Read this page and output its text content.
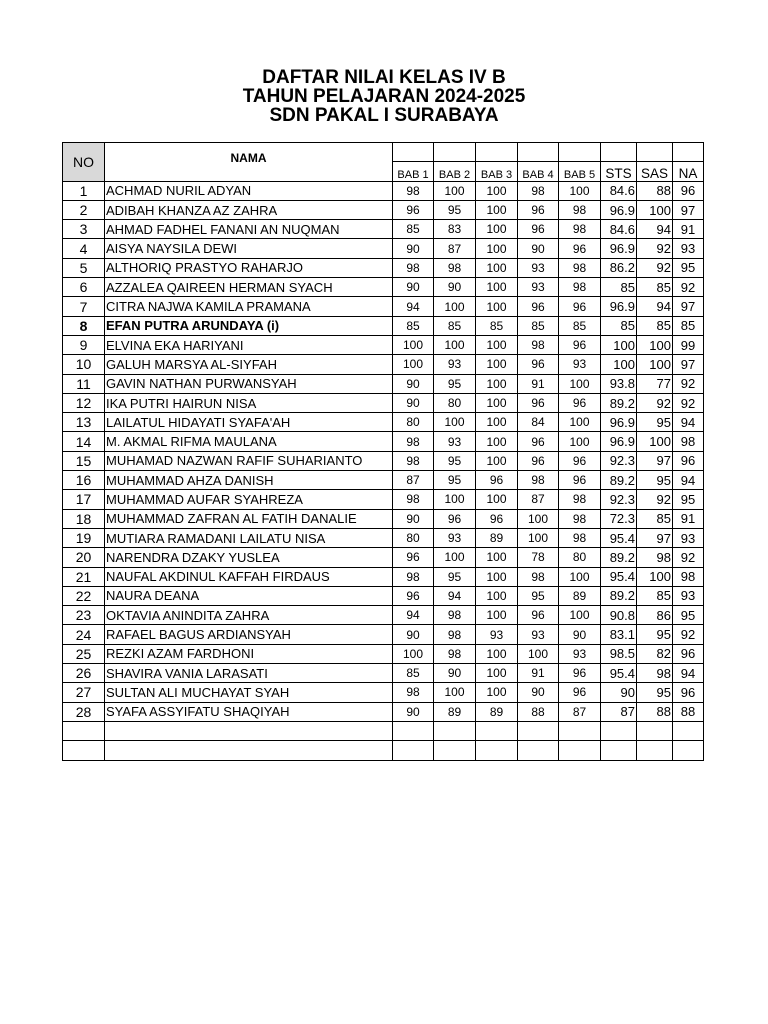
DAFTAR NILAI KELAS IV B
TAHUN PELAJARAN 2024-2025
SDN PAKAL I SURABAYA
NO	NAMA								
		BAB 1	BAB 2	BAB 3	BAB 4	BAB 5	STS	SAS	NA
1	ACHMAD NURIL ADYAN	98	100	100	98	100	84.6	88	96
2	ADIBAH KHANZA AZ ZAHRA	96	95	100	96	98	96.9	100	97
3	AHMAD FADHEL FANANI AN NUQMAN	85	83	100	96	98	84.6	94	91
4	AISYA NAYSILA DEWI	90	87	100	90	96	96.9	92	93
5	ALTHORIQ PRASTYO RAHARJO	98	98	100	93	98	86.2	92	95
6	AZZALEA QAIREEN HERMAN SYACH	90	90	100	93	98	85	85	92
7	CITRA NAJWA KAMILA PRAMANA	94	100	100	96	96	96.9	94	97
8	EFAN PUTRA ARUNDAYA (i)	85	85	85	85	85	85	85	85
9	ELVINA EKA HARIYANI	100	100	100	98	96	100	100	99
10	GALUH MARSYA AL-SIYFAH	100	93	100	96	93	100	100	97
11	GAVIN NATHAN PURWANSYAH	90	95	100	91	100	93.8	77	92
12	IKA PUTRI HAIRUN NISA	90	80	100	96	96	89.2	92	92
13	LAILATUL HIDAYATI SYAFA'AH	80	100	100	84	100	96.9	95	94
14	M. AKMAL RIFMA MAULANA	98	93	100	96	100	96.9	100	98
15	MUHAMAD NAZWAN RAFIF SUHARIANTO	98	95	100	96	96	92.3	97	96
16	MUHAMMAD AHZA DANISH	87	95	96	98	96	89.2	95	94
17	MUHAMMAD AUFAR SYAHREZA	98	100	100	87	98	92.3	92	95
18	MUHAMMAD ZAFRAN AL FATIH DANALIE	90	96	96	100	98	72.3	85	91
19	MUTIARA RAMADANI LAILATU NISA	80	93	89	100	98	95.4	97	93
20	NARENDRA DZAKY YUSLEA	96	100	100	78	80	89.2	98	92
21	NAUFAL AKDINUL KAFFAH FIRDAUS	98	95	100	98	100	95.4	100	98
22	NAURA DEANA	96	94	100	95	89	89.2	85	93
23	OKTAVIA ANINDITA ZAHRA	94	98	100	96	100	90.8	86	95
24	RAFAEL BAGUS ARDIANSYAH	90	98	93	93	90	83.1	95	92
25	REZKI AZAM FARDHONI	100	98	100	100	93	98.5	82	96
26	SHAVIRA VANIA LARASATI	85	90	100	91	96	95.4	98	94
27	SULTAN ALI MUCHAYAT SYAH	98	100	100	90	96	90	95	96
28	SYAFA ASSYIFATU SHAQIYAH	90	89	89	88	87	87	88	88
